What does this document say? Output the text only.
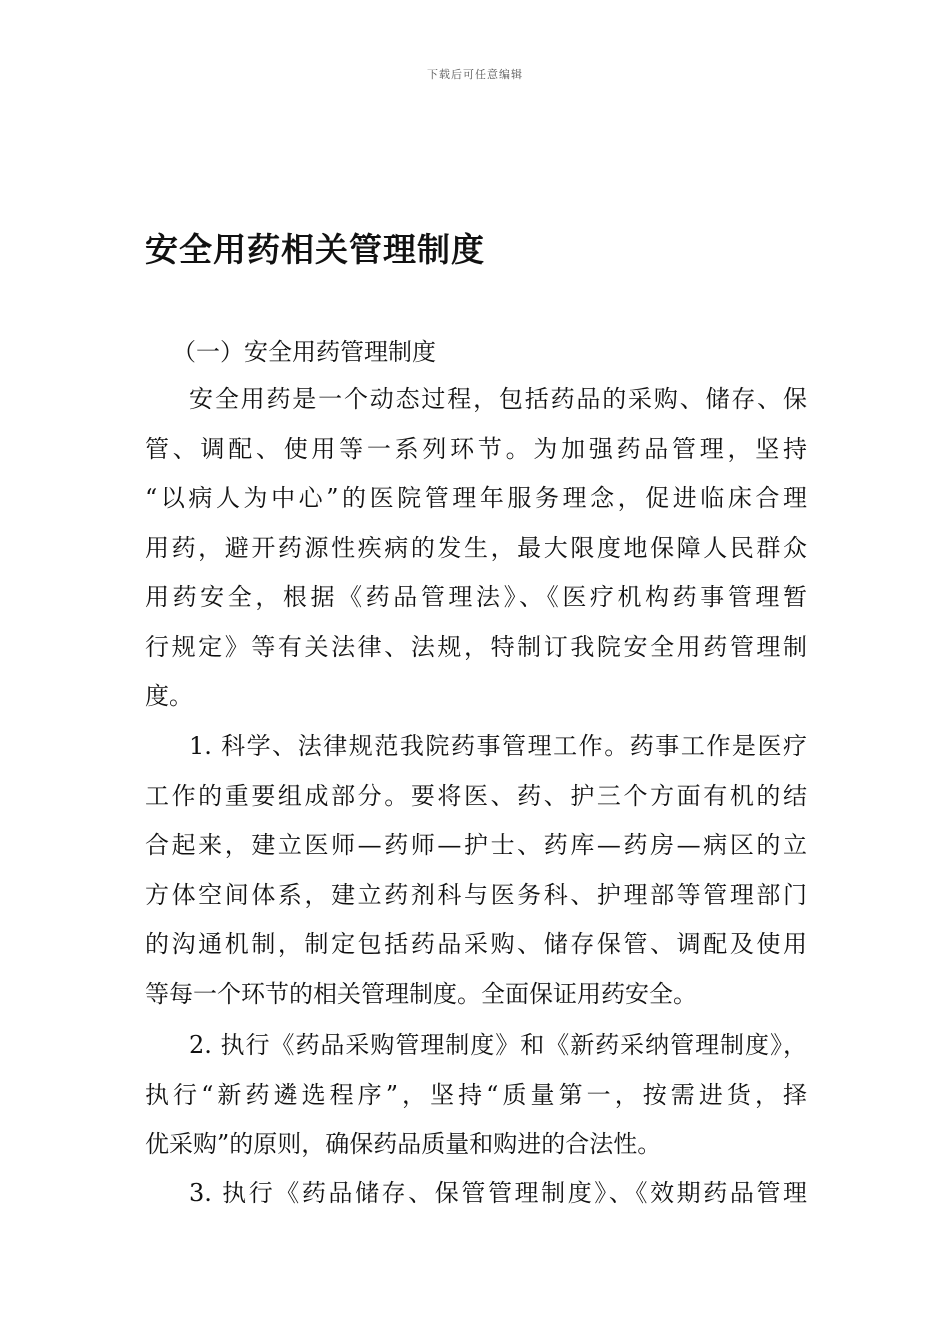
下载后可任意编辑
安全用药相关管理制度
（一）安全用药管理制度
安全用药是一个动态过程，包括药品的采购、储存、保
管、调配、使用等一系列环节。为加强药品管理，坚持
“以病人为中心”的医院管理年服务理念，促进临床合理
用药，避开药源性疾病的发生，最大限度地保障人民群众
用药安全，根据《药品管理法》、《医疗机构药事管理暂
行规定》等有关法律、法规，特制订我院安全用药管理制
度。
1. 科学、法律规范我院药事管理工作。药事工作是医疗
工作的重要组成部分。要将医、药、护三个方面有机的结
合起来，建立医师—药师—护士、药库—药房—病区的立
方体空间体系，建立药剂科与医务科、护理部等管理部门
的沟通机制，制定包括药品采购、储存保管、调配及使用
等每一个环节的相关管理制度。全面保证用药安全。
2. 执行《药品采购管理制度》和《新药采纳管理制度》，
执行“新药遴选程序”，坚持“质量第一，按需进货，择
优采购”的原则，确保药品质量和购进的合法性。
3. 执行《药品储存、保管管理制度》、《效期药品管理
